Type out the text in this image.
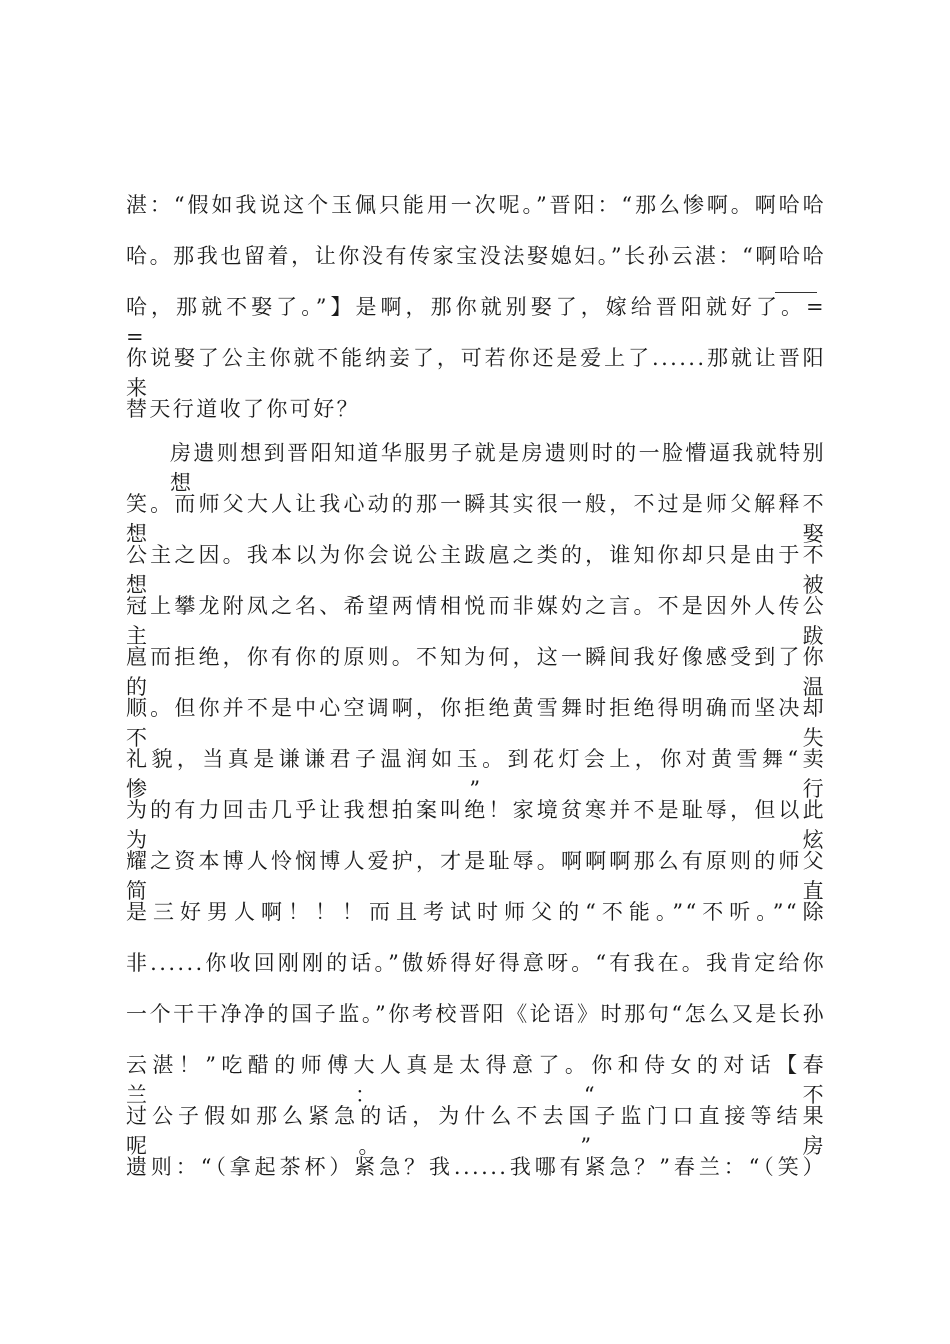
湛：“假如我说这个玉佩只能用一次呢。”晋阳：“那么惨啊。啊哈哈
哈。那我也留着，让你没有传家宝没法娶媳妇。”长孙云湛：“啊哈哈
哈，那就不娶了。”】是啊，那你就别娶了，嫁给晋阳就好了。=　　=
你说娶了公主你就不能纳妾了，可若你还是爱上了......那就让晋阳来
替天行道收了你可好？
房遗则想到晋阳知道华服男子就是房遗则时的一脸懵逼我就特别想
笑。而师父大人让我心动的那一瞬其实很一般，不过是师父解释不想娶
公主之因。我本以为你会说公主跋扈之类的，谁知你却只是由于不想被
冠上攀龙附凤之名、希望两情相悦而非媒妁之言。不是因外人传公主跋
扈而拒绝，你有你的原则。不知为何，这一瞬间我好像感受到了你的温
顺。但你并不是中心空调啊，你拒绝黄雪舞时拒绝得明确而坚决却不失
礼貌，当真是谦谦君子温润如玉。到花灯会上，你对黄雪舞“卖惨”行
为的有力回击几乎让我想拍案叫绝！家境贫寒并不是耻辱，但以此为炫
耀之资本博人怜悯博人爱护，才是耻辱。啊啊啊那么有原则的师父简直
是三好男人啊！！！而且考试时师父的“不能。”“不听。”“除
非......你收回刚刚的话。”傲娇得好得意呀。“有我在。我肯定给你
一个干干净净的国子监。”你考校晋阳《论语》时那句“怎么又是长孙
云湛！”吃醋的师傅大人真是太得意了。你和侍女的对话【春兰：“不
过公子假如那么紧急的话，为什么不去国子监门口直接等结果呢。”房
遗则：“（拿起茶杯）紧急？我......我哪有紧急？”春兰：“（笑）
